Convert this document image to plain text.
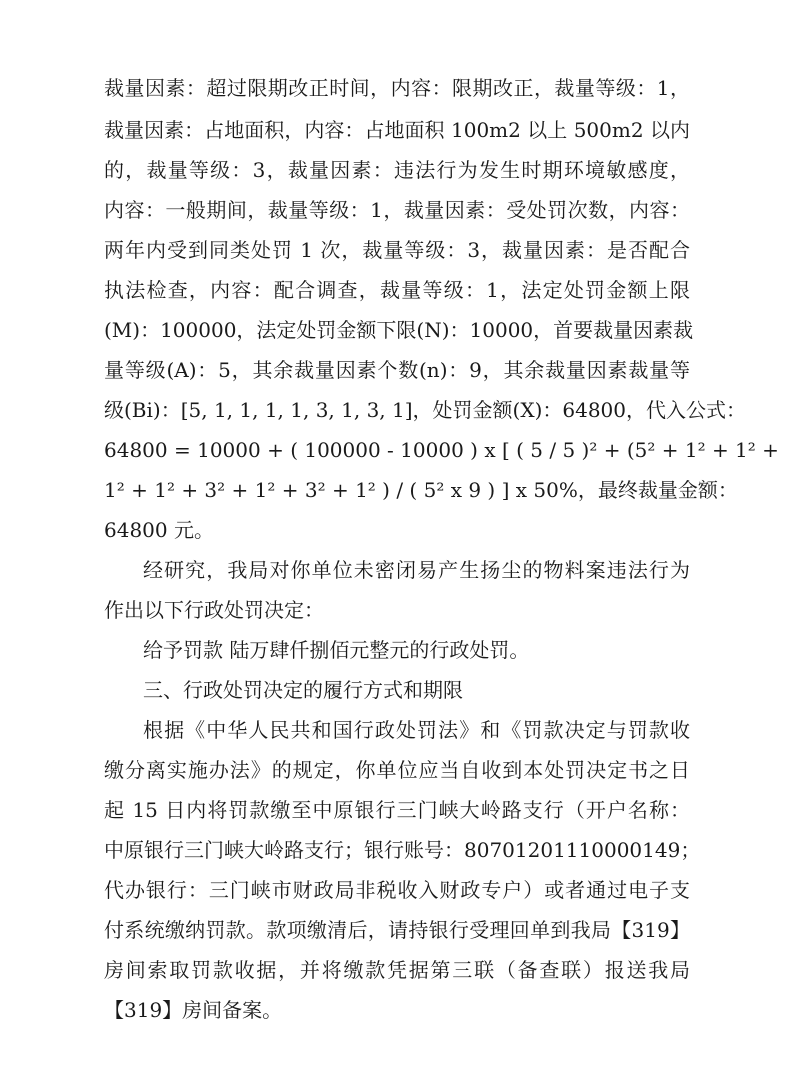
裁量因素：超过限期改正时间，内容：限期改正，裁量等级：1，
裁量因素：占地面积，内容：占地面积 100m2 以上 500m2 以内
的，裁量等级：3，裁量因素：违法行为发生时期环境敏感度，
内容：一般期间，裁量等级：1，裁量因素：受处罚次数，内容：
两年内受到同类处罚 1 次，裁量等级：3，裁量因素：是否配合
执法检查，内容：配合调查，裁量等级：1，法定处罚金额上限
(M)：100000，法定处罚金额下限(N)：10000，首要裁量因素裁
量等级(A)：5，其余裁量因素个数(n)：9，其余裁量因素裁量等
级(Bi)：[5, 1, 1, 1, 1, 3, 1, 3, 1]，处罚金额(X)：64800，代入公式：
64800 = 10000 + ( 100000 - 10000 ) x [ ( 5 / 5 )² + (5² + 1² + 1² +
1² + 1² + 3² + 1² + 3² + 1² ) / ( 5² x 9 ) ] x 50%，最终裁量金额：
64800 元。
经研究，我局对你单位未密闭易产生扬尘的物料案违法行为
作出以下行政处罚决定：
给予罚款 陆万肆仟捌佰元整元的行政处罚。
三、行政处罚决定的履行方式和期限
根据《中华人民共和国行政处罚法》和《罚款决定与罚款收
缴分离实施办法》的规定，你单位应当自收到本处罚决定书之日
起 15 日内将罚款缴至中原银行三门峡大岭路支行（开户名称：
中原银行三门峡大岭路支行；银行账号：80701201110000149；
代办银行：三门峡市财政局非税收入财政专户）或者通过电子支
付系统缴纳罚款。款项缴清后，请持银行受理回单到我局【319】
房间索取罚款收据，并将缴款凭据第三联（备查联）报送我局
【319】房间备案。
